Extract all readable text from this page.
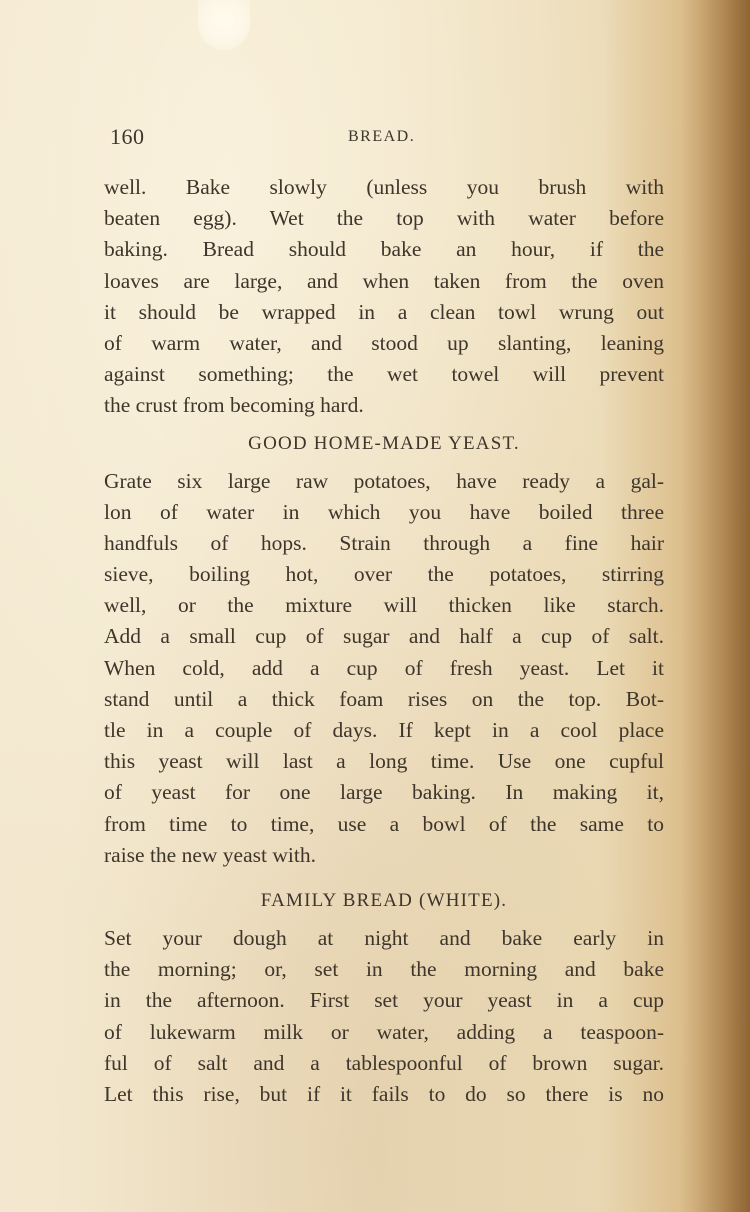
160	BREAD.
well. Bake slowly (unless you brush with
beaten egg). Wet the top with water before
baking. Bread should bake an hour, if the
loaves are large, and when taken from the oven
it should be wrapped in a clean towl wrung out
of warm water, and stood up slanting, leaning
against something; the wet towel will prevent
the crust from becoming hard.
GOOD HOME-MADE YEAST.
Grate six large raw potatoes, have ready a gal-
lon of water in which you have boiled three
handfuls of hops. Strain through a fine hair
sieve, boiling hot, over the potatoes, stirring
well, or the mixture will thicken like starch.
Add a small cup of sugar and half a cup of salt.
When cold, add a cup of fresh yeast. Let it
stand until a thick foam rises on the top. Bot-
tle in a couple of days. If kept in a cool place
this yeast will last a long time. Use one cupful
of yeast for one large baking. In making it,
from time to time, use a bowl of the same to
raise the new yeast with.
FAMILY BREAD (WHITE).
Set your dough at night and bake early in
the morning; or, set in the morning and bake
in the afternoon. First set your yeast in a cup
of lukewarm milk or water, adding a teaspoon-
ful of salt and a tablespoonful of brown sugar.
Let this rise, but if it fails to do so there is no
